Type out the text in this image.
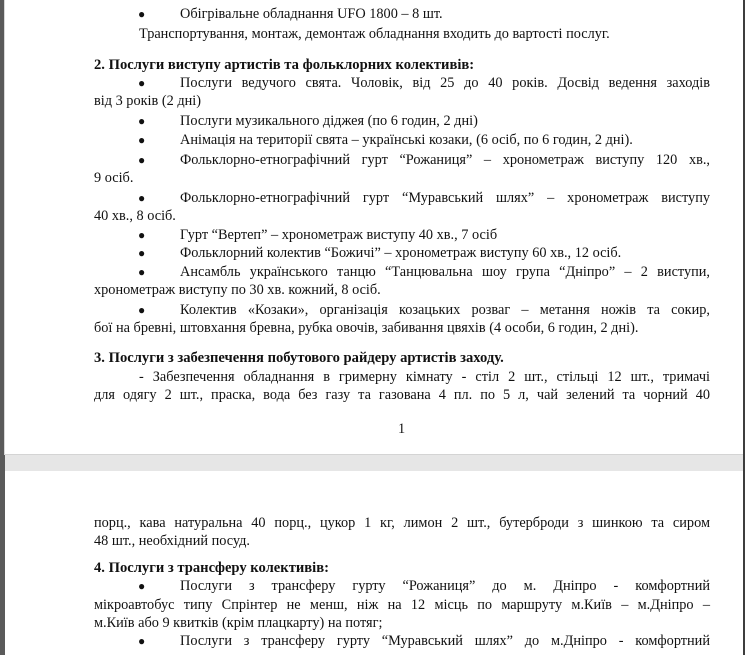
● Обігрівальне обладнання UFO 1800 – 8 шт.
Транспортування, монтаж, демонтаж обладнання входить до вартості послуг.
2. Послуги виступу артистів та фольклорних колективів:
● Послуги ведучого свята. Чоловік, від 25 до 40 років. Досвід ведення заходів
від 3 років (2 дні)
● Послуги музикального діджея (по 6 годин, 2 дні)
● Анімація на території свята – українські козаки, (6 осіб, по 6 годин, 2 дні).
● Фольклорно-етнографічний гурт “Рожаниця” – хронометраж виступу 120 хв.,
9 осіб.
● Фольклорно-етнографічний гурт “Муравський шлях” – хронометраж виступу
40 хв., 8 осіб.
● Гурт “Вертеп” – хронометраж виступу 40 хв., 7 осіб
● Фольклорний колектив “Божичі” – хронометраж виступу 60 хв., 12 осіб.
● Ансамбль українського танцю “Танцювальна шоу група “Дніпро” – 2 виступи,
хронометраж виступу по 30 хв. кожний, 8 осіб.
● Колектив «Козаки», організація козацьких розваг – метання ножів та сокир,
бої на бревні, штовхання бревна, рубка овочів, забивання цвяхів (4 особи, 6 годин, 2 дні).
3. Послуги з забезпечення побутового райдеру артистів заходу.
- Забезпечення обладнання в гримерну кімнату - стіл 2 шт., стільці 12 шт., тримачі
для одягу 2 шт., праска, вода без газу та газована 4 пл. по 5 л, чай зелений та чорний 40
1
порц., кава натуральна 40 порц., цукор 1 кг, лимон 2 шт., бутерброди з шинкою та сиром
48 шт., необхідний посуд.
4. Послуги з трансферу колективів:
● Послуги з трансферу гурту “Рожаниця” до м. Дніпро - комфортний
мікроавтобус типу Спрінтер не менш, ніж на 12 місць по маршруту м.Київ – м.Дніпро –
м.Київ або 9 квитків (крім плацкарту) на потяг;
● Послуги з трансферу гурту “Муравський шлях” до м.Дніпро - комфортний
